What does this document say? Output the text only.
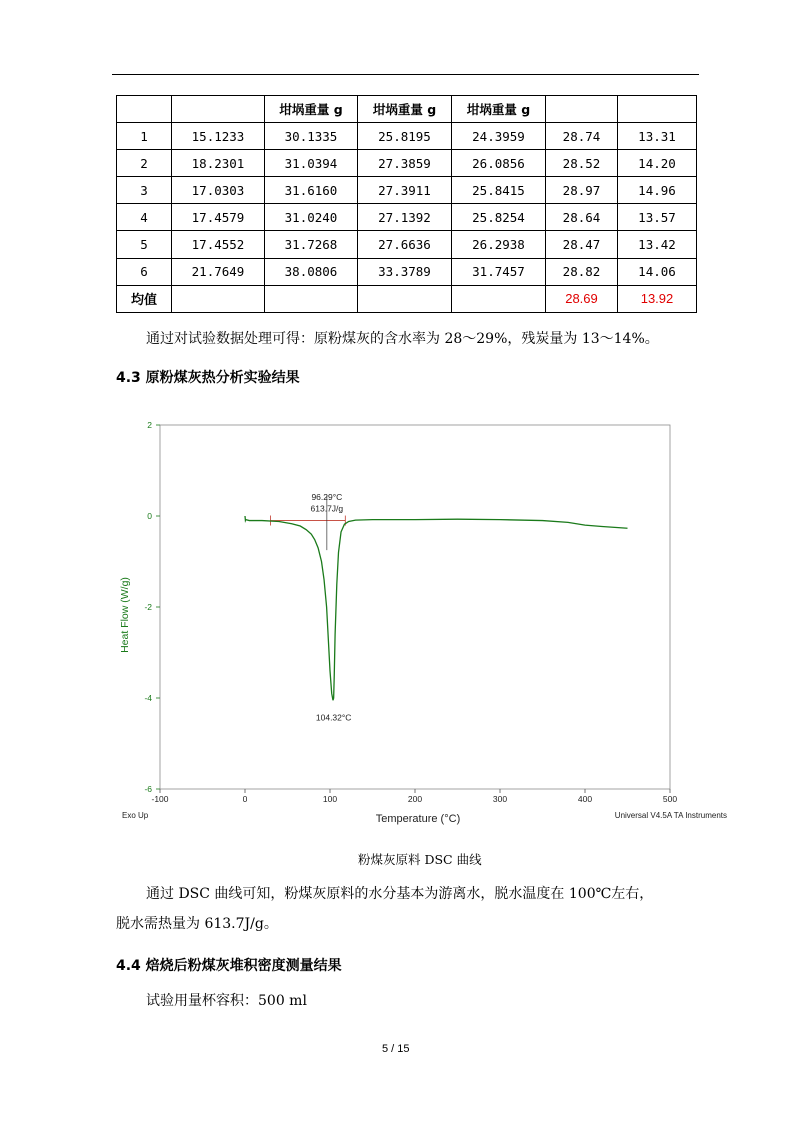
		坩埚重量 g	坩埚重量 g	坩埚重量 g		
1	15.1233	30.1335	25.8195	24.3959	28.74	13.31
2	18.2301	31.0394	27.3859	26.0856	28.52	14.20
3	17.0303	31.6160	27.3911	25.8415	28.97	14.96
4	17.4579	31.0240	27.1392	25.8254	28.64	13.57
5	17.4552	31.7268	27.6636	26.2938	28.47	13.42
6	21.7649	38.0806	33.3789	31.7457	28.82	14.06
均值					28.69	13.92
通过对试验数据处理可得：原粉煤灰的含水率为 28～29%，残炭量为 13～14%。
4.3 原粉煤灰热分析实验结果
-100	0	100	200	300	400	500
2
0
-2
-4
-6
Heat Flow (W/g)
Temperature (°C)
Exo Up	Universal V4.5A TA Instruments
96.29°C
613.7J/g
104.32°C
粉煤灰原料 DSC 曲线
通过 DSC 曲线可知，粉煤灰原料的水分基本为游离水，脱水温度在 100℃左右，
脱水需热量为 613.7J/g。
4.4 焙烧后粉煤灰堆积密度测量结果
试验用量杯容积：500 ml
5 / 15
